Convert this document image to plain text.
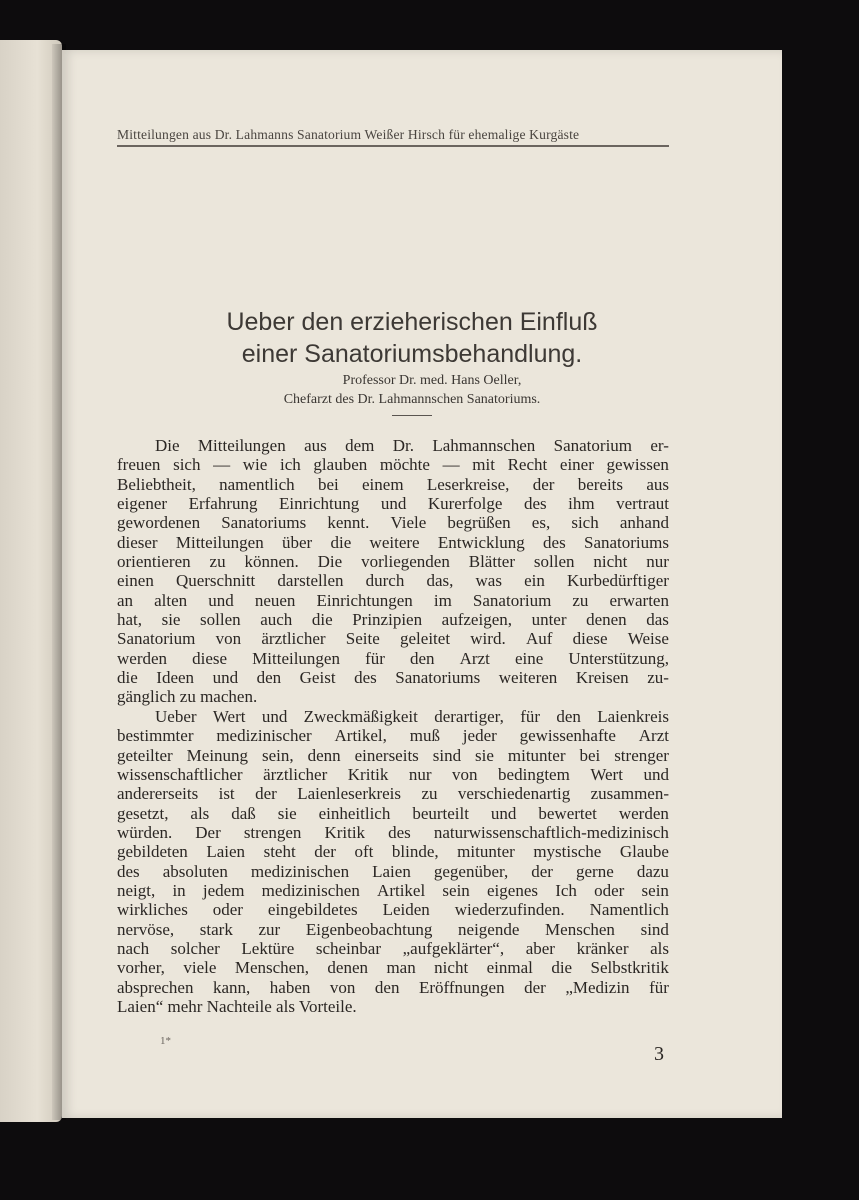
Mitteilungen aus Dr. Lahmanns Sanatorium Weißer Hirsch für ehemalige Kurgäste
Ueber den erzieherischen Einfluß
einer Sanatoriumsbehandlung.
Professor Dr. med. Hans Oeller,
Chefarzt des Dr. Lahmannschen Sanatoriums.
Die Mitteilungen aus dem Dr. Lahmannschen Sanatorium er-
freuen sich — wie ich glauben möchte — mit Recht einer gewissen
Beliebtheit, namentlich bei einem Leserkreise, der bereits aus
eigener Erfahrung Einrichtung und Kurerfolge des ihm vertraut
gewordenen Sanatoriums kennt. Viele begrüßen es, sich anhand
dieser Mitteilungen über die weitere Entwicklung des Sanatoriums
orientieren zu können. Die vorliegenden Blätter sollen nicht nur
einen Querschnitt darstellen durch das, was ein Kurbedürftiger
an alten und neuen Einrichtungen im Sanatorium zu erwarten
hat, sie sollen auch die Prinzipien aufzeigen, unter denen das
Sanatorium von ärztlicher Seite geleitet wird. Auf diese Weise
werden diese Mitteilungen für den Arzt eine Unterstützung,
die Ideen und den Geist des Sanatoriums weiteren Kreisen zu-
gänglich zu machen.
Ueber Wert und Zweckmäßigkeit derartiger, für den Laienkreis
bestimmter medizinischer Artikel, muß jeder gewissenhafte Arzt
geteilter Meinung sein, denn einerseits sind sie mitunter bei strenger
wissenschaftlicher ärztlicher Kritik nur von bedingtem Wert und
andererseits ist der Laienleserkreis zu verschiedenartig zusammen-
gesetzt, als daß sie einheitlich beurteilt und bewertet werden
würden. Der strengen Kritik des naturwissenschaftlich-medizinisch
gebildeten Laien steht der oft blinde, mitunter mystische Glaube
des absoluten medizinischen Laien gegenüber, der gerne dazu
neigt, in jedem medizinischen Artikel sein eigenes Ich oder sein
wirkliches oder eingebildetes Leiden wiederzufinden. Namentlich
nervöse, stark zur Eigenbeobachtung neigende Menschen sind
nach solcher Lektüre scheinbar „aufgeklärter“, aber kränker als
vorher, viele Menschen, denen man nicht einmal die Selbstkritik
absprechen kann, haben von den Eröffnungen der „Medizin für
Laien“ mehr Nachteile als Vorteile.
1*
3
